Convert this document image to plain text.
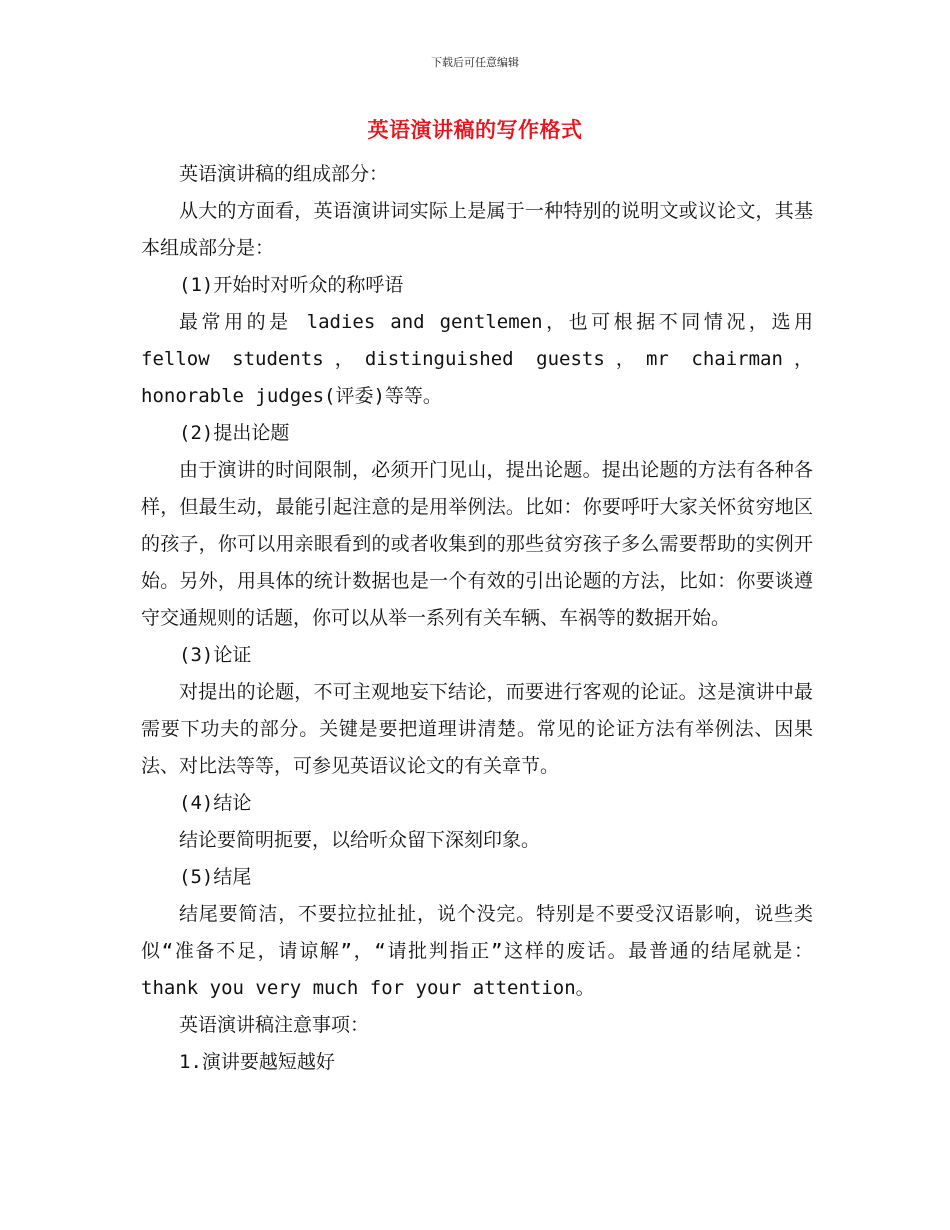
下载后可任意编辑
英语演讲稿的写作格式

英语演讲稿的组成部分：

从大的方面看，英语演讲词实际上是属于一种特别的说明文或议论文，其基本组成部分是：

(1)开始时对听众的称呼语

最常用的是 ladies and gentlemen，也可根据不同情况，选用 fellow students，distinguished guests，mr chairman，honorable judges(评委)等等。

(2)提出论题

由于演讲的时间限制，必须开门见山，提出论题。提出论题的方法有各种各样，但最生动，最能引起注意的是用举例法。比如：你要呼吁大家关怀贫穷地区的孩子，你可以用亲眼看到的或者收集到的那些贫穷孩子多么需要帮助的实例开始。另外，用具体的统计数据也是一个有效的引出论题的方法，比如：你要谈遵守交通规则的话题，你可以从举一系列有关车辆、车祸等的数据开始。

(3)论证

对提出的论题，不可主观地妄下结论，而要进行客观的论证。这是演讲中最需要下功夫的部分。关键是要把道理讲清楚。常见的论证方法有举例法、因果法、对比法等等，可参见英语议论文的有关章节。

(4)结论

结论要简明扼要，以给听众留下深刻印象。

(5)结尾

结尾要简洁，不要拉拉扯扯，说个没完。特别是不要受汉语影响，说些类似“准备不足，请谅解”，“请批判指正”这样的废话。最普通的结尾就是：thank you very much for your attention。

英语演讲稿注意事项：

1.演讲要越短越好
